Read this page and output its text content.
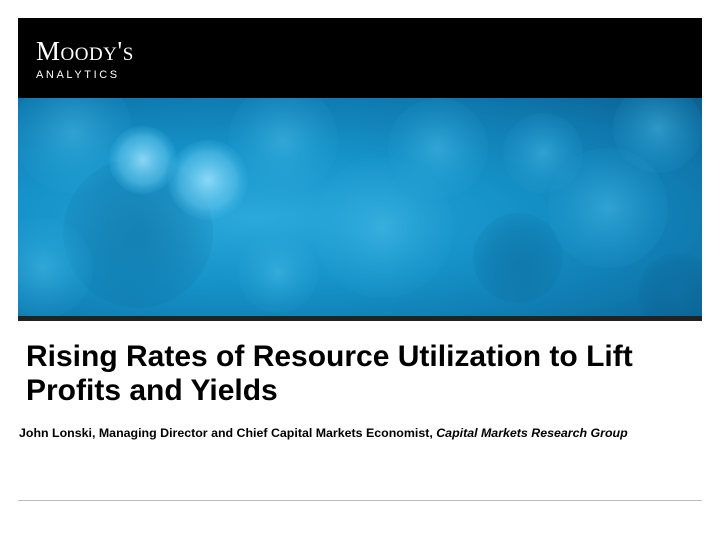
Moody's
ANALYTICS
Rising Rates of Resource Utilization to Lift Profits and Yields
John Lonski, Managing Director and Chief Capital Markets Economist, Capital Markets Research Group
